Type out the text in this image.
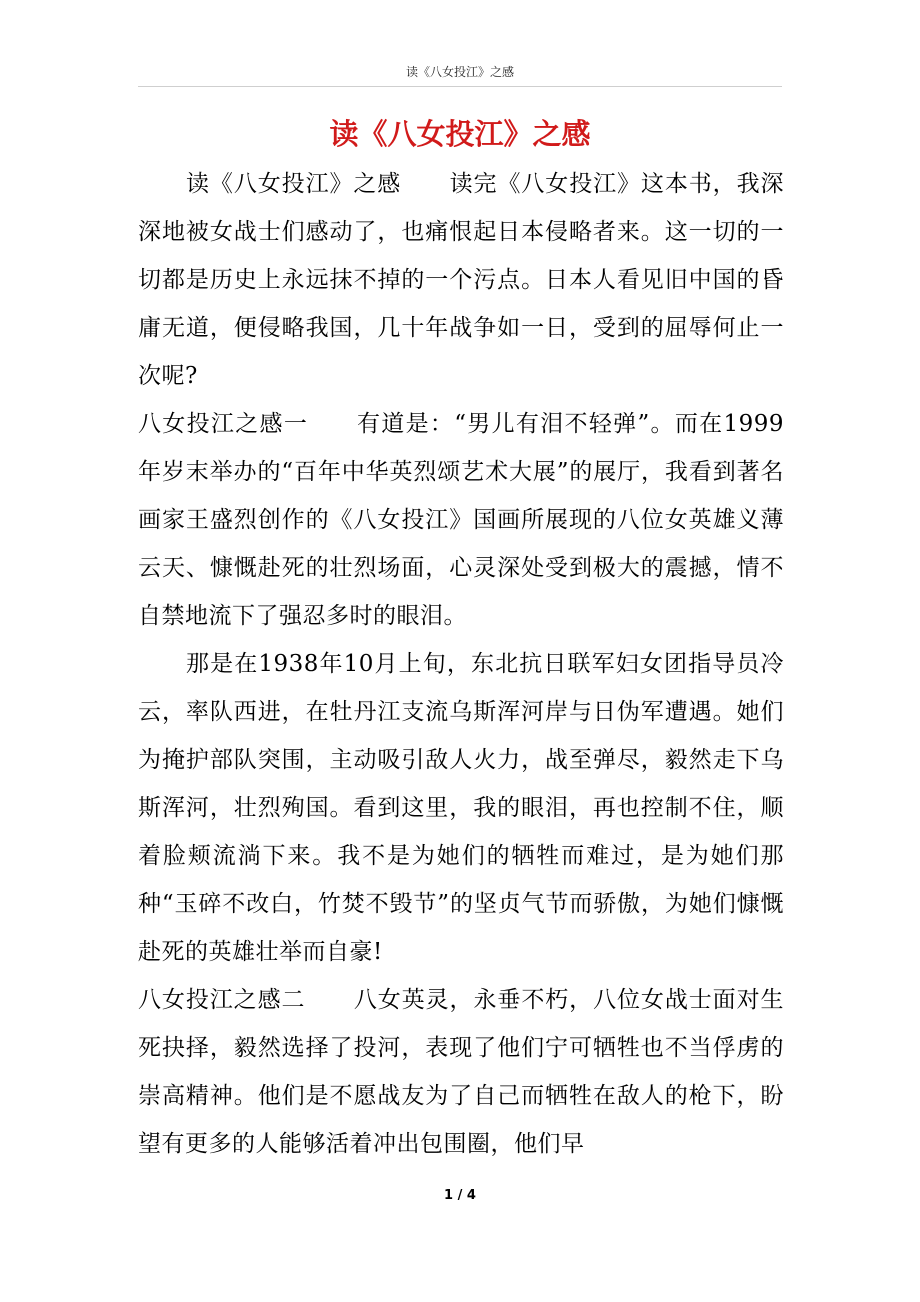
读《八女投江》之感
读《八女投江》之感

读《八女投江》之感 读完《八女投江》这本书，我深深地被女战士们感动了，也痛恨起日本侵略者来。这一切的一切都是历史上永远抹不掉的一个污点。日本人看见旧中国的昏庸无道，便侵略我国，几十年战争如一日，受到的屈辱何止一次呢?

八女投江之感一 有道是：“男儿有泪不轻弹”。而在1999年岁末举办的“百年中华英烈颂艺术大展”的展厅，我看到著名画家王盛烈创作的《八女投江》国画所展现的八位女英雄义薄云天、慷慨赴死的壮烈场面，心灵深处受到极大的震撼，情不自禁地流下了强忍多时的眼泪。

那是在1938年10月上旬，东北抗日联军妇女团指导员冷云，率队西进，在牡丹江支流乌斯浑河岸与日伪军遭遇。她们为掩护部队突围，主动吸引敌人火力，战至弹尽，毅然走下乌斯浑河，壮烈殉国。看到这里，我的眼泪，再也控制不住，顺着脸颊流淌下来。我不是为她们的牺牲而难过，是为她们那种“玉碎不改白，竹焚不毁节”的坚贞气节而骄傲，为她们慷慨赴死的英雄壮举而自豪!

八女投江之感二 八女英灵，永垂不朽，八位女战士面对生死抉择，毅然选择了投河，表现了他们宁可牺牲也不当俘虏的崇高精神。他们是不愿战友为了自己而牺牲在敌人的枪下，盼望有更多的人能够活着冲出包围圈，他们早

1 / 4
